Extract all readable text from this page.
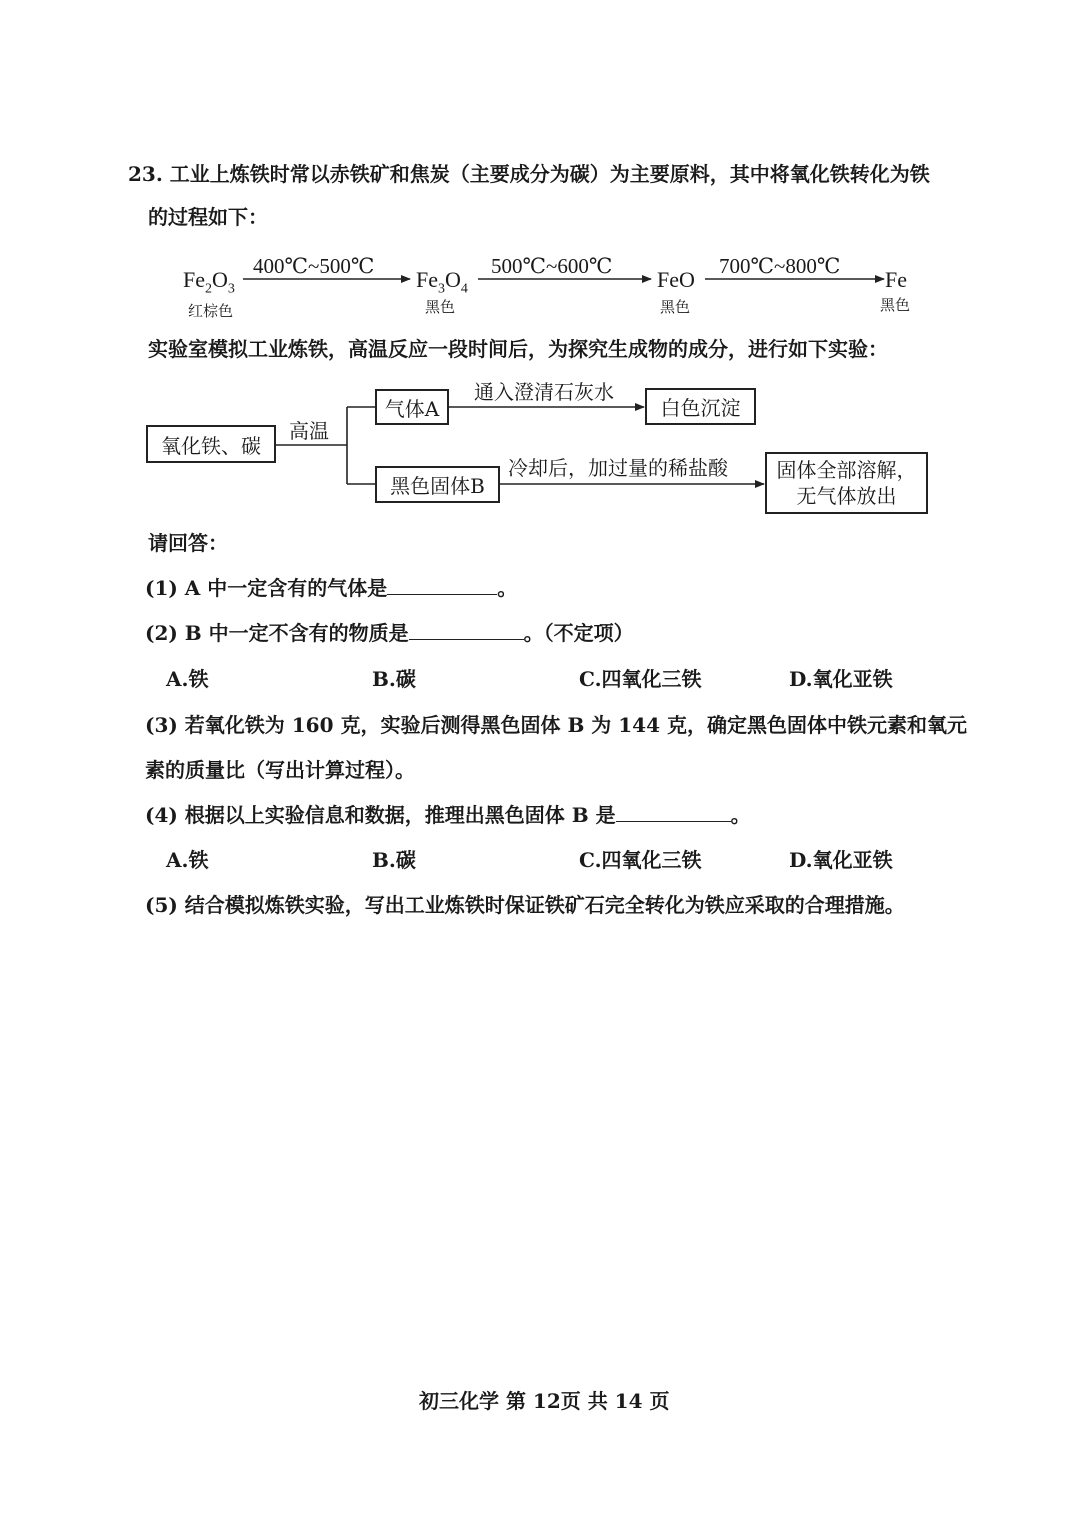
23. 工业上炼铁时常以赤铁矿和焦炭（主要成分为碳）为主要原料，其中将氧化铁转化为铁
的过程如下：
$Fe_2O_3$
红棕色
400℃~500℃
$Fe_3O_4$
黑色
500℃~600℃
FeO
黑色
700℃~800℃
Fe
黑色
实验室模拟工业炼铁，高温反应一段时间后，为探究生成物的成分，进行如下实验：
氧化铁、碳
高温
气体A
通入澄清石灰水
白色沉淀
黑色固体B
冷却后，加过量的稀盐酸 固体全部溶解，
无气体放出
请回答：
(1) A 中一定含有的气体是	。
(2) B 中一定不含有的物质是	。（不定项）
A.铁	B.碳	C.四氧化三铁	D.氧化亚铁
(3) 若氧化铁为 160 克，实验后测得黑色固体 B 为 144 克，确定黑色固体中铁元素和氧元
素的质量比（写出计算过程）。
(4) 根据以上实验信息和数据，推理出黑色固体 B 是	。
A.铁	B.碳	C.四氧化三铁	D.氧化亚铁
(5) 结合模拟炼铁实验，写出工业炼铁时保证铁矿石完全转化为铁应采取的合理措施。
初三化学 第 12页 共 14 页
